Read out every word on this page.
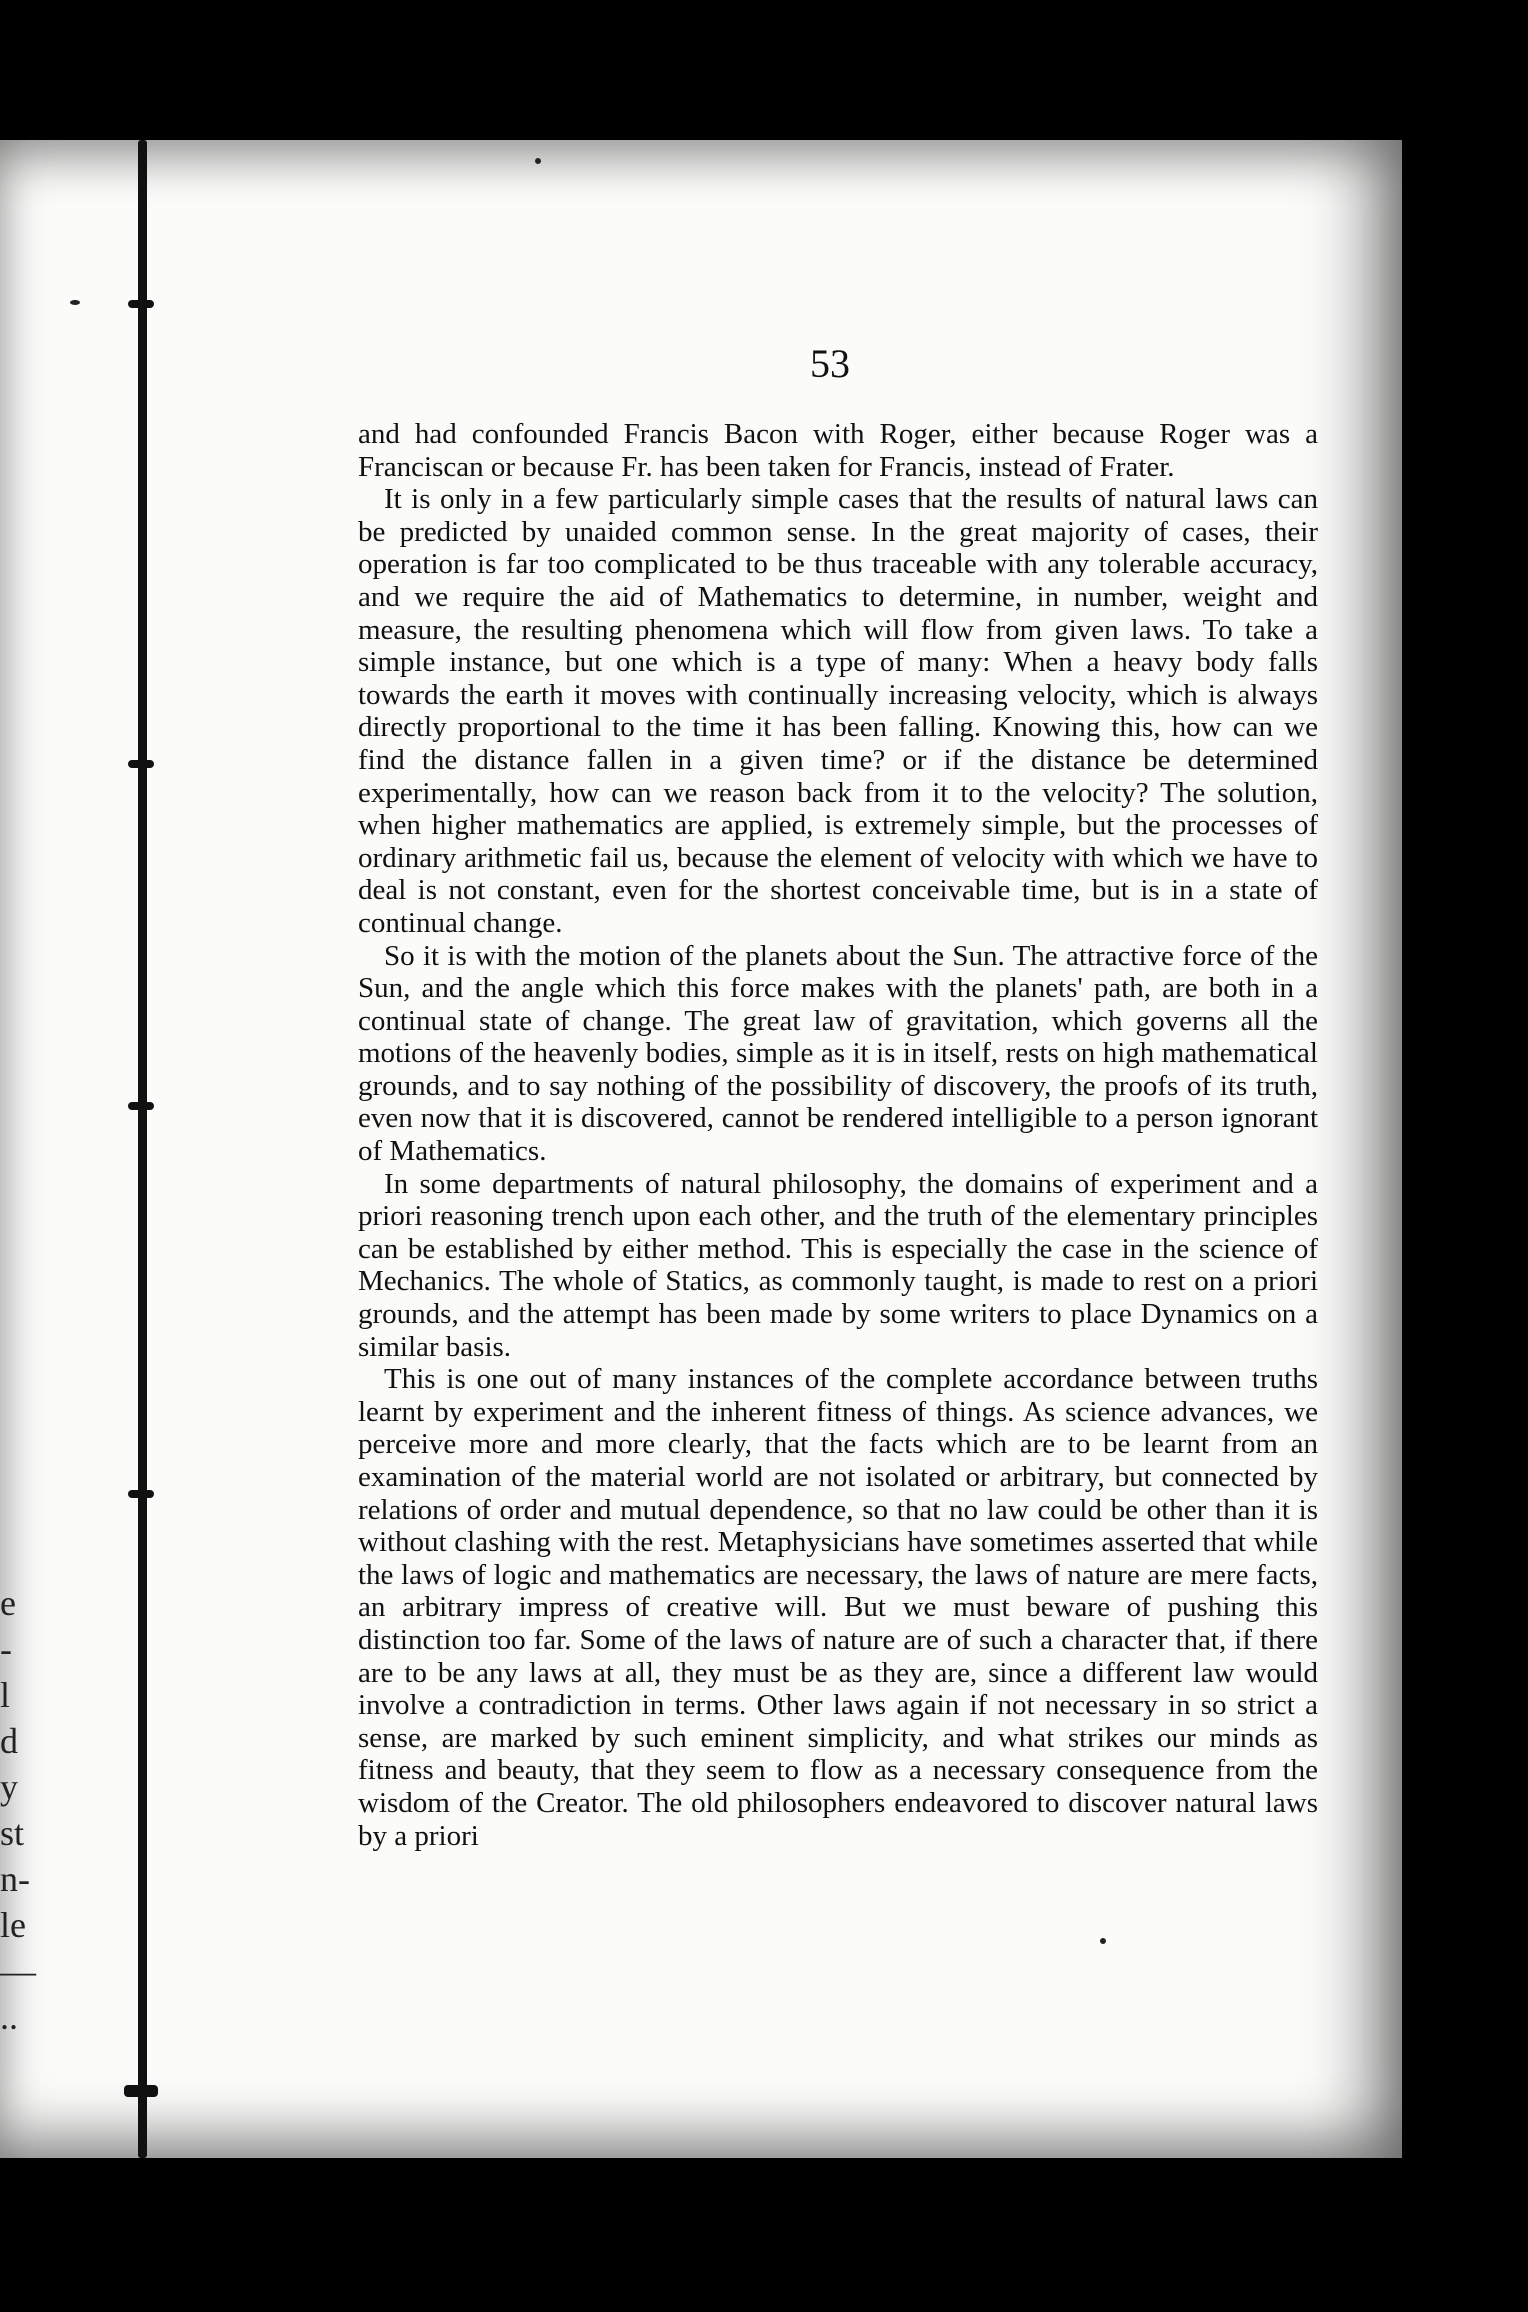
e
-
l
d
y
st
n-
le
—
..
53

and had confounded Francis Bacon with Roger, either because Roger was a Franciscan or because Fr. has been taken for Francis, instead of Frater.

It is only in a few particularly simple cases that the results of natural laws can be predicted by unaided common sense. In the great majority of cases, their operation is far too complicated to be thus traceable with any tolerable accuracy, and we require the aid of Mathematics to determine, in number, weight and measure, the resulting phenomena which will flow from given laws. To take a simple instance, but one which is a type of many: When a heavy body falls towards the earth it moves with continually increasing velocity, which is always directly proportional to the time it has been falling. Knowing this, how can we find the distance fallen in a given time? or if the distance be determined experimentally, how can we reason back from it to the velocity? The solution, when higher mathematics are applied, is extremely simple, but the processes of ordinary arithmetic fail us, because the element of velocity with which we have to deal is not constant, even for the shortest conceivable time, but is in a state of continual change.

So it is with the motion of the planets about the Sun. The attractive force of the Sun, and the angle which this force makes with the planets' path, are both in a continual state of change. The great law of gravitation, which governs all the motions of the heavenly bodies, simple as it is in itself, rests on high mathematical grounds, and to say nothing of the possibility of discovery, the proofs of its truth, even now that it is discovered, cannot be rendered intelligible to a person ignorant of Mathematics.

In some departments of natural philosophy, the domains of experiment and a priori reasoning trench upon each other, and the truth of the elementary principles can be established by either method. This is especially the case in the science of Mechanics. The whole of Statics, as commonly taught, is made to rest on a priori grounds, and the attempt has been made by some writers to place Dynamics on a similar basis.

This is one out of many instances of the complete accordance between truths learnt by experiment and the inherent fitness of things. As science advances, we perceive more and more clearly, that the facts which are to be learnt from an examination of the material world are not isolated or arbitrary, but connected by relations of order and mutual dependence, so that no law could be other than it is without clashing with the rest. Metaphysicians have sometimes asserted that while the laws of logic and mathematics are necessary, the laws of nature are mere facts, an arbitrary impress of creative will. But we must beware of pushing this distinction too far. Some of the laws of nature are of such a character that, if there are to be any laws at all, they must be as they are, since a different law would involve a contradiction in terms. Other laws again if not necessary in so strict a sense, are marked by such eminent simplicity, and what strikes our minds as fitness and beauty, that they seem to flow as a necessary consequence from the wisdom of the Creator. The old philosophers endeavored to discover natural laws by a priori
